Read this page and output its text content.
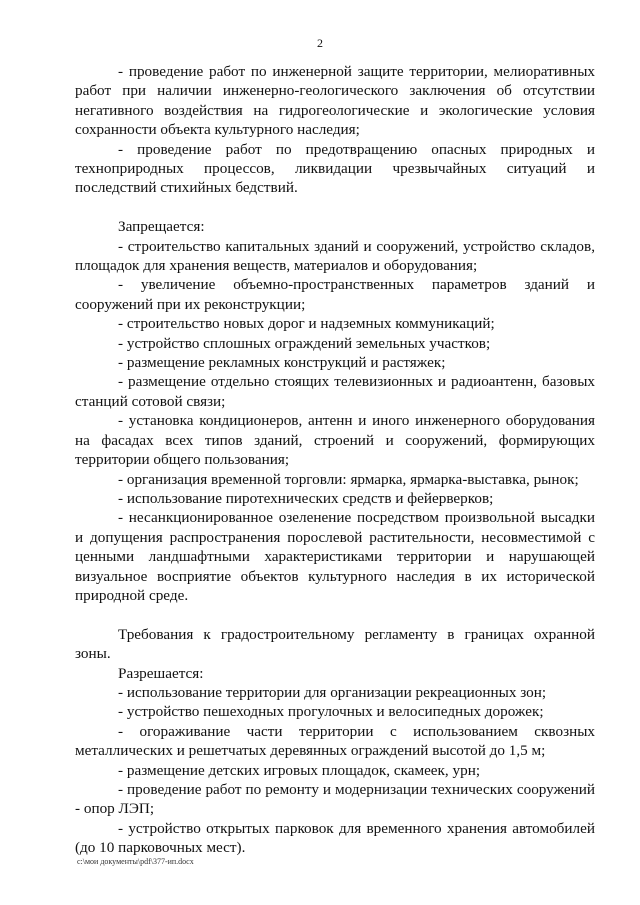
2

- проведение работ по инженерной защите территории, мелиоративных работ при наличии инженерно-геологического заключения об отсутствии негативного воздействия на гидрогеологические и экологические условия сохранности объекта культурного наследия;

- проведение работ по предотвращению опасных природных и техноприродных процессов, ликвидации чрезвычайных ситуаций и последствий стихийных бедствий.

Запрещается:

- строительство капитальных зданий и сооружений, устройство складов, площадок для хранения веществ, материалов и оборудования;

- увеличение объемно-пространственных параметров зданий и сооружений при их реконструкции;

- строительство новых дорог и надземных коммуникаций;

- устройство сплошных ограждений земельных участков;

- размещение рекламных конструкций и растяжек;

- размещение отдельно стоящих телевизионных и радиоантенн, базовых станций сотовой связи;

- установка кондиционеров, антенн и иного инженерного оборудования на фасадах всех типов зданий, строений и сооружений, формирующих территории общего пользования;

- организация временной торговли: ярмарка, ярмарка-выставка, рынок;

- использование пиротехнических средств и фейерверков;

- несанкционированное озеленение посредством произвольной высадки и допущения распространения порослевой растительности, несовместимой с ценными ландшафтными характеристиками территории и нарушающей визуальное восприятие объектов культурного наследия в их исторической природной среде.

Требования к градостроительному регламенту в границах охранной зоны.

Разрешается:

- использование территории для организации рекреационных зон;

- устройство пешеходных прогулочных и велосипедных дорожек;

- огораживание части территории с использованием сквозных металлических и решетчатых деревянных ограждений высотой до 1,5 м;

- размещение детских игровых площадок, скамеек, урн;

- проведение работ по ремонту и модернизации технических сооружений - опор ЛЭП;

- устройство открытых парковок для временного хранения автомобилей (до 10 парковочных мест).

c:\мои документы\pdf\377-ип.docx
